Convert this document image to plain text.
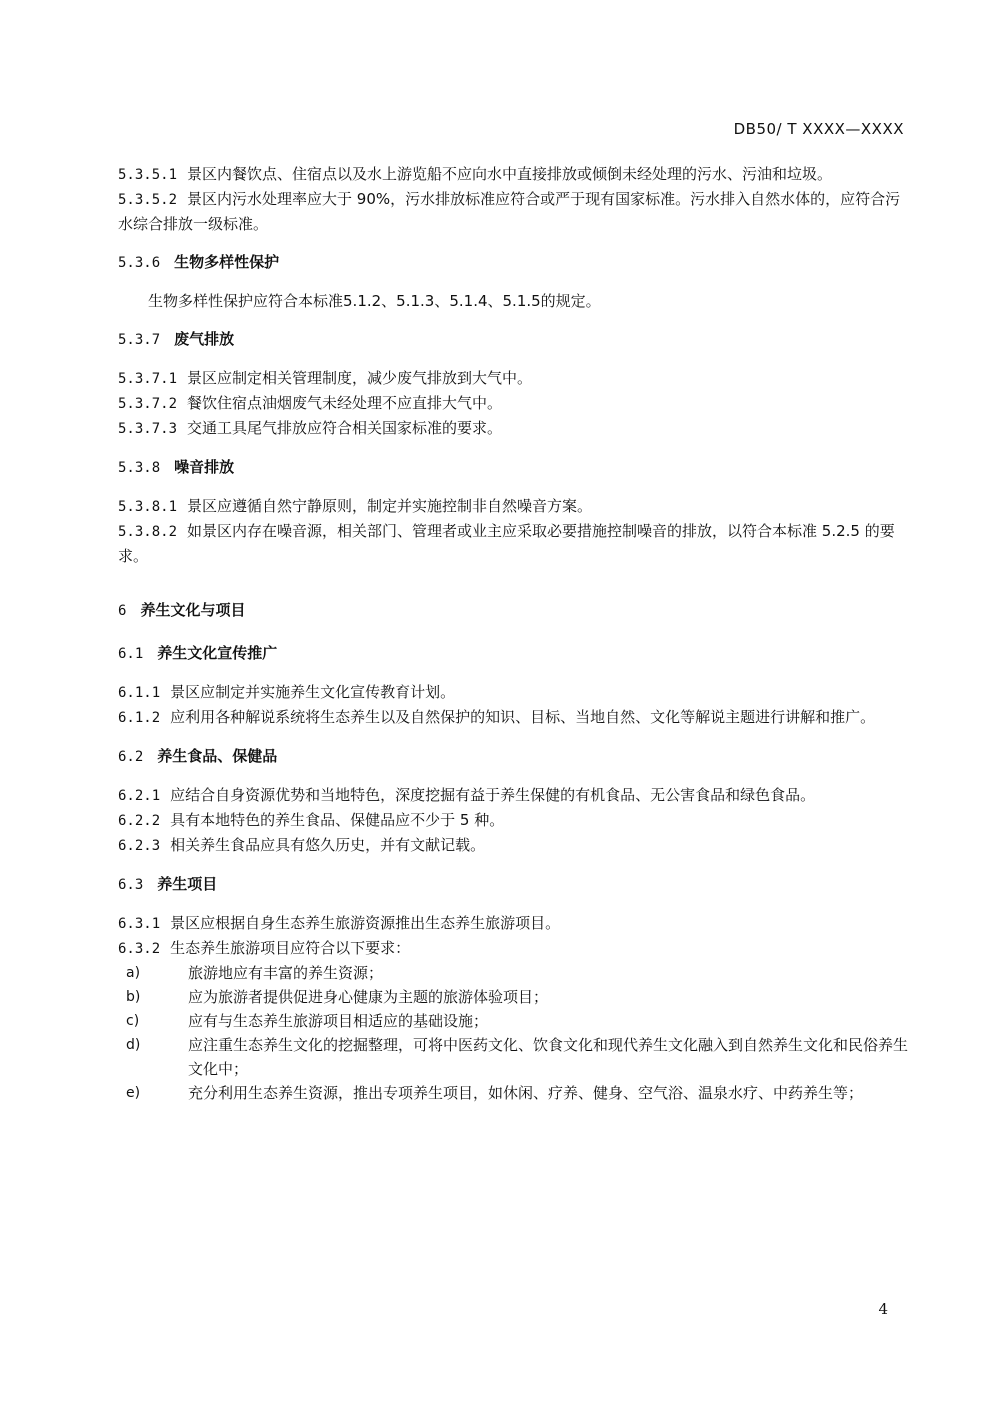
DB50/ T XXXX—XXXX
5.3.5.1 景区内餐饮点、住宿点以及水上游览船不应向水中直接排放或倾倒未经处理的污水、污油和垃圾。
5.3.5.2 景区内污水处理率应大于 90%，污水排放标准应符合或严于现有国家标准。污水排入自然水体的，应符合污水综合排放一级标准。
5.3.6 生物多样性保护
生物多样性保护应符合本标准5.1.2、5.1.3、5.1.4、5.1.5的规定。
5.3.7 废气排放
5.3.7.1 景区应制定相关管理制度，减少废气排放到大气中。
5.3.7.2 餐饮住宿点油烟废气未经处理不应直排大气中。
5.3.7.3 交通工具尾气排放应符合相关国家标准的要求。
5.3.8 噪音排放
5.3.8.1 景区应遵循自然宁静原则，制定并实施控制非自然噪音方案。
5.3.8.2 如景区内存在噪音源，相关部门、管理者或业主应采取必要措施控制噪音的排放，以符合本标准 5.2.5 的要求。
6 养生文化与项目
6.1 养生文化宣传推广
6.1.1 景区应制定并实施养生文化宣传教育计划。
6.1.2 应利用各种解说系统将生态养生以及自然保护的知识、目标、当地自然、文化等解说主题进行讲解和推广。
6.2 养生食品、保健品
6.2.1 应结合自身资源优势和当地特色，深度挖掘有益于养生保健的有机食品、无公害食品和绿色食品。
6.2.2 具有本地特色的养生食品、保健品应不少于 5 种。
6.2.3 相关养生食品应具有悠久历史，并有文献记载。
6.3 养生项目
6.3.1 景区应根据自身生态养生旅游资源推出生态养生旅游项目。
6.3.2 生态养生旅游项目应符合以下要求：
a)	旅游地应有丰富的养生资源；
b)	应为旅游者提供促进身心健康为主题的旅游体验项目；
c)	应有与生态养生旅游项目相适应的基础设施；
d)	应注重生态养生文化的挖掘整理，可将中医药文化、饮食文化和现代养生文化融入到自然养生文化和民俗养生文化中；
e)	充分利用生态养生资源，推出专项养生项目，如休闲、疗养、健身、空气浴、温泉水疗、中药养生等；
4
